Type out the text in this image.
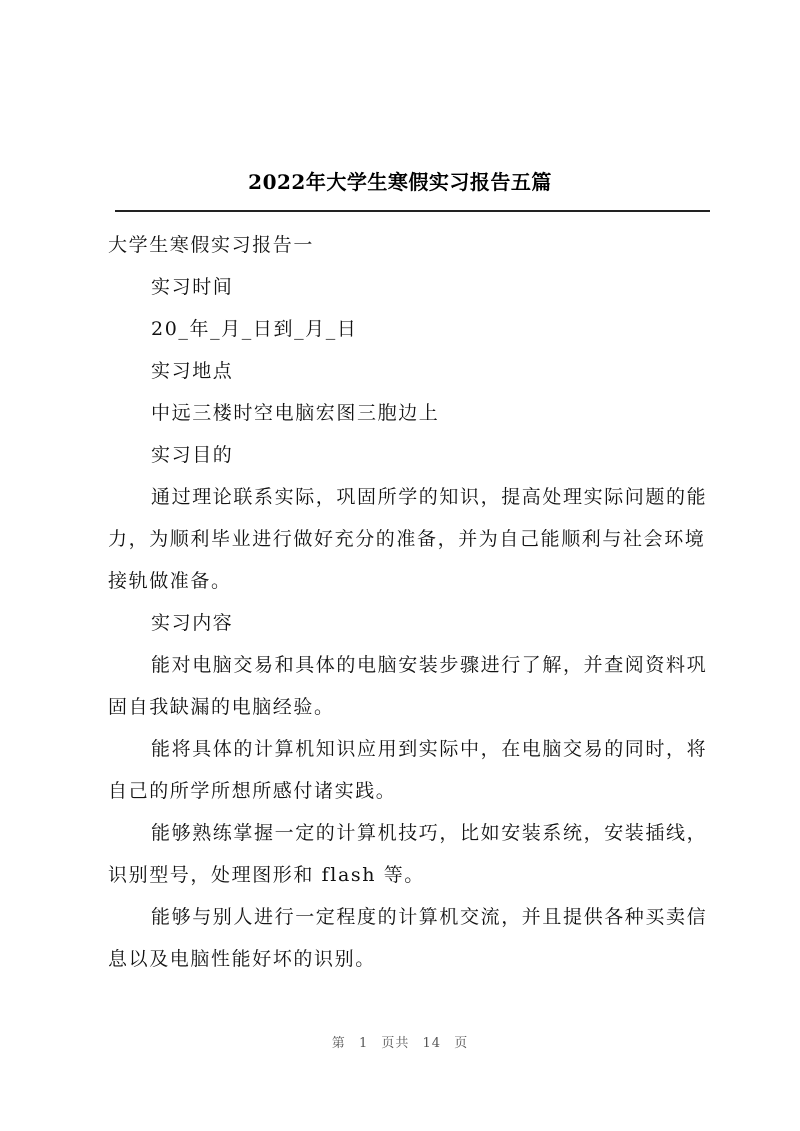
2022年大学生寒假实习报告五篇

大学生寒假实习报告一

实习时间

20_年_月_日到_月_日

实习地点

中远三楼时空电脑宏图三胞边上

实习目的

通过理论联系实际，巩固所学的知识，提高处理实际问题的能力，为顺利毕业进行做好充分的准备，并为自己能顺利与社会环境接轨做准备。

实习内容

能对电脑交易和具体的电脑安装步骤进行了解，并查阅资料巩固自我缺漏的电脑经验。

能将具体的计算机知识应用到实际中，在电脑交易的同时，将自己的所学所想所感付诸实践。

能够熟练掌握一定的计算机技巧，比如安装系统，安装插线，识别型号，处理图形和 flash 等。

能够与别人进行一定程度的计算机交流，并且提供各种买卖信息以及电脑性能好坏的识别。

第 1 页共 14 页
